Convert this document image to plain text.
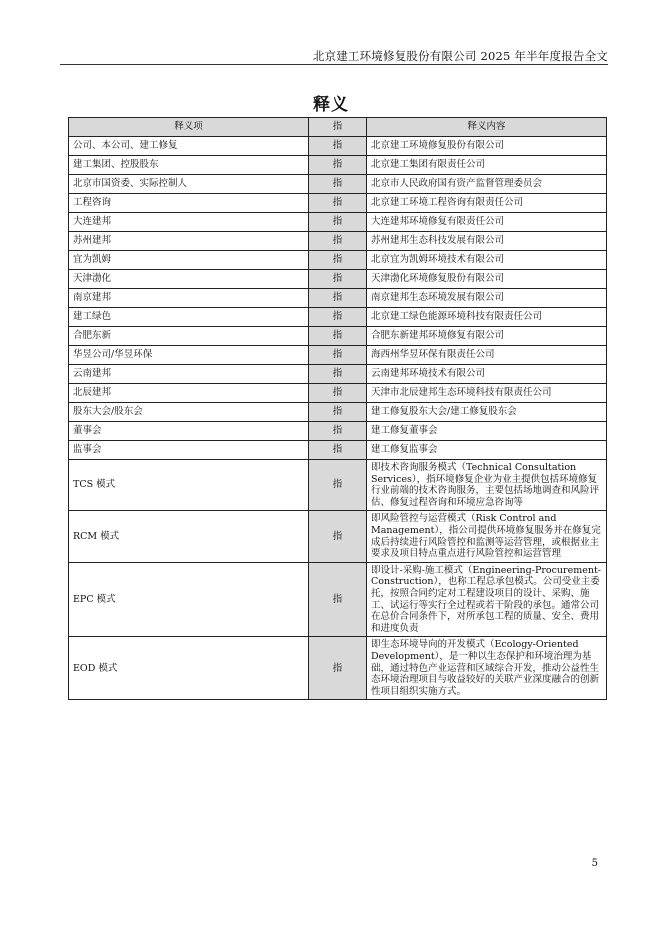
北京建工环境修复股份有限公司 2025 年半年度报告全文
释义
释义项	指	释义内容
公司、本公司、建工修复	指	北京建工环境修复股份有限公司
建工集团、控股股东	指	北京建工集团有限责任公司
北京市国资委、实际控制人	指	北京市人民政府国有资产监督管理委员会
工程咨询	指	北京建工环境工程咨询有限责任公司
大连建邦	指	大连建邦环境修复有限责任公司
苏州建邦	指	苏州建邦生态科技发展有限公司
宜为凯姆	指	北京宜为凯姆环境技术有限公司
天津渤化	指	天津渤化环境修复股份有限公司
南京建邦	指	南京建邦生态环境发展有限公司
建工绿色	指	北京建工绿色能源环境科技有限责任公司
合肥东新	指	合肥东新建邦环境修复有限公司
华昱公司/华昱环保	指	海西州华昱环保有限责任公司
云南建邦	指	云南建邦环境技术有限公司
北辰建邦	指	天津市北辰建邦生态环境科技有限责任公司
股东大会/股东会	指	建工修复股东大会/建工修复股东会
董事会	指	建工修复董事会
监事会	指	建工修复监事会
TCS 模式	指	即技术咨询服务模式（Technical Consultation Services），指环境修复企业为业主提供包括环境修复行业前端的技术咨询服务，主要包括场地调查和风险评估、修复过程咨询和环境应急咨询等
RCM 模式	指	即风险管控与运营模式（Risk Control and Management），指公司提供环境修复服务并在修复完成后持续进行风险管控和监测等运营管理，或根据业主要求及项目特点重点进行风险管控和运营管理
EPC 模式	指	即设计-采购-施工模式（Engineering-Procurement-Construction），也称工程总承包模式。公司受业主委托，按照合同约定对工程建设项目的设计、采购、施工、试运行等实行全过程或若干阶段的承包。通常公司在总价合同条件下，对所承包工程的质量、安全、费用和进度负责
EOD 模式	指	即生态环境导向的开发模式（Ecology-Oriented Development），是一种以生态保护和环境治理为基础，通过特色产业运营和区域综合开发，推动公益性生态环境治理项目与收益较好的关联产业深度融合的创新性项目组织实施方式。
5
